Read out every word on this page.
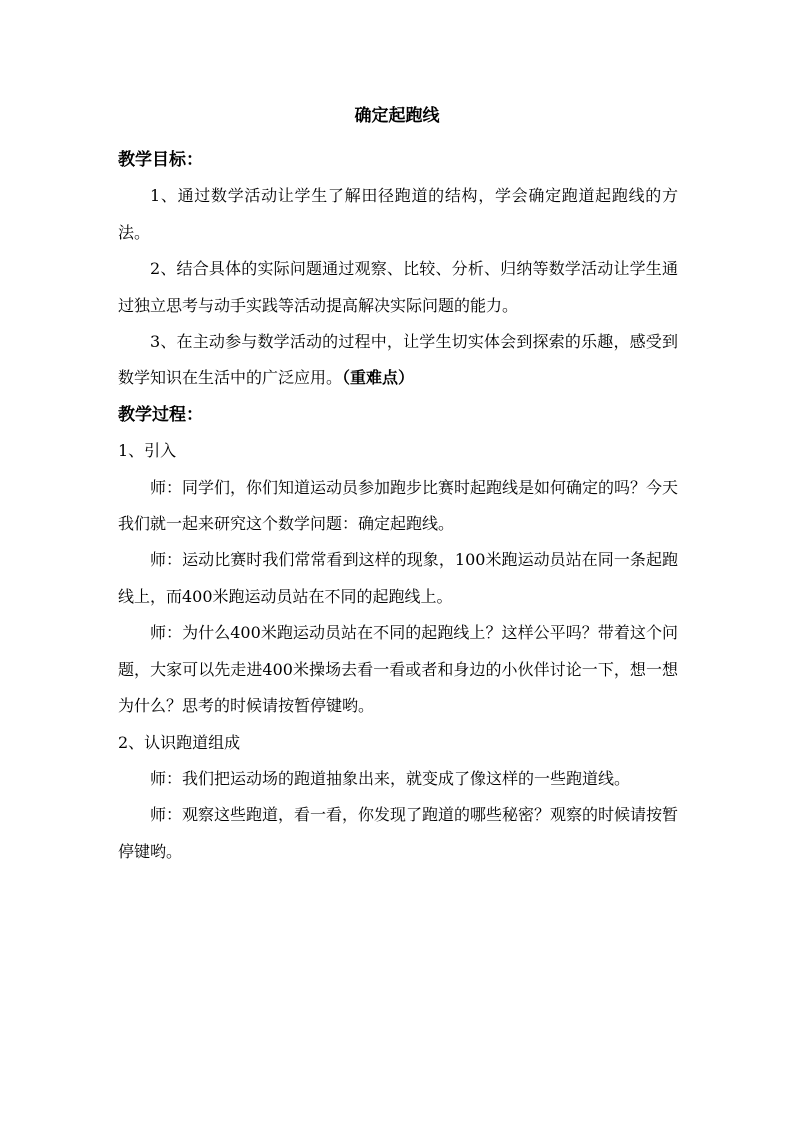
确定起跑线

教学目标：

1、通过数学活动让学生了解田径跑道的结构，学会确定跑道起跑线的方法。

2、结合具体的实际问题通过观察、比较、分析、归纳等数学活动让学生通过独立思考与动手实践等活动提高解决实际问题的能力。

3、在主动参与数学活动的过程中，让学生切实体会到探索的乐趣，感受到数学知识在生活中的广泛应用。（重难点）

教学过程：

1、引入

师：同学们，你们知道运动员参加跑步比赛时起跑线是如何确定的吗？今天我们就一起来研究这个数学问题：确定起跑线。

师：运动比赛时我们常常看到这样的现象，100米跑运动员站在同一条起跑线上，而400米跑运动员站在不同的起跑线上。

师：为什么400米跑运动员站在不同的起跑线上？这样公平吗？带着这个问题，大家可以先走进400米操场去看一看或者和身边的小伙伴讨论一下，想一想为什么？思考的时候请按暂停键哟。

2、认识跑道组成

师：我们把运动场的跑道抽象出来，就变成了像这样的一些跑道线。

师：观察这些跑道，看一看，你发现了跑道的哪些秘密？观察的时候请按暂停键哟。
